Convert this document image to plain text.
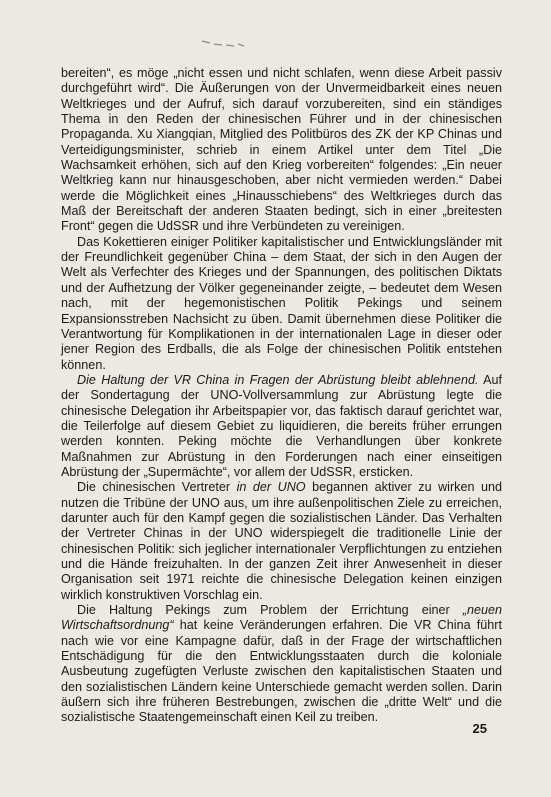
bereiten“, es möge „nicht essen und nicht schlafen, wenn diese Arbeit passiv durchgeführt wird“. Die Äußerungen von der Unvermeidbarkeit eines neuen Weltkrieges und der Aufruf, sich darauf vorzubereiten, sind ein ständiges Thema in den Reden der chinesischen Führer und in der chinesischen Propaganda. Xu Xiangqian, Mitglied des Politbüros des ZK der KP Chinas und Verteidigungsminister, schrieb in einem Artikel unter dem Titel „Die Wachsamkeit erhöhen, sich auf den Krieg vorbereiten“ folgendes: „Ein neuer Weltkrieg kann nur hinausgeschoben, aber nicht vermieden werden.“ Dabei werde die Möglichkeit eines „Hinausschiebens“ des Weltkrieges durch das Maß der Bereitschaft der anderen Staaten bedingt, sich in einer „breitesten Front“ gegen die UdSSR und ihre Verbündeten zu vereinigen.

Das Kokettieren einiger Politiker kapitalistischer und Entwicklungsländer mit der Freundlichkeit gegenüber China – dem Staat, der sich in den Augen der Welt als Verfechter des Krieges und der Spannungen, des politischen Diktats und der Aufhetzung der Völker gegeneinander zeigte, – bedeutet dem Wesen nach, mit der hegemonistischen Politik Pekings und seinem Expansionsstreben Nachsicht zu üben. Damit übernehmen diese Politiker die Verantwortung für Komplikationen in der internationalen Lage in dieser oder jener Region des Erdballs, die als Folge der chinesischen Politik entstehen können.

Die Haltung der VR China in Fragen der Abrüstung bleibt ablehnend. Auf der Sondertagung der UNO-Vollversammlung zur Abrüstung legte die chinesische Delegation ihr Arbeitspapier vor, das faktisch darauf gerichtet war, die Teilerfolge auf diesem Gebiet zu liquidieren, die bereits früher errungen werden konnten. Peking möchte die Verhandlungen über konkrete Maßnahmen zur Abrüstung in den Forderungen nach einer einseitigen Abrüstung der „Supermächte“, vor allem der UdSSR, ersticken.

Die chinesischen Vertreter in der UNO begannen aktiver zu wirken und nutzen die Tribüne der UNO aus, um ihre außenpolitischen Ziele zu erreichen, darunter auch für den Kampf gegen die sozialistischen Länder. Das Verhalten der Vertreter Chinas in der UNO widerspiegelt die traditionelle Linie der chinesischen Politik: sich jeglicher internationaler Verpflichtungen zu entziehen und die Hände freizuhalten. In der ganzen Zeit ihrer Anwesenheit in dieser Organisation seit 1971 reichte die chinesische Delegation keinen einzigen wirklich konstruktiven Vorschlag ein.

Die Haltung Pekings zum Problem der Errichtung einer „neuen Wirtschaftsordnung“ hat keine Veränderungen erfahren. Die VR China führt nach wie vor eine Kampagne dafür, daß in der Frage der wirtschaftlichen Entschädigung für die den Entwicklungsstaaten durch die koloniale Ausbeutung zugefügten Verluste zwischen den kapitalistischen Staaten und den sozialistischen Ländern keine Unterschiede gemacht werden sollen. Darin äußern sich ihre früheren Bestrebungen, zwischen die „dritte Welt“ und die sozialistische Staatengemeinschaft einen Keil zu treiben.

25
